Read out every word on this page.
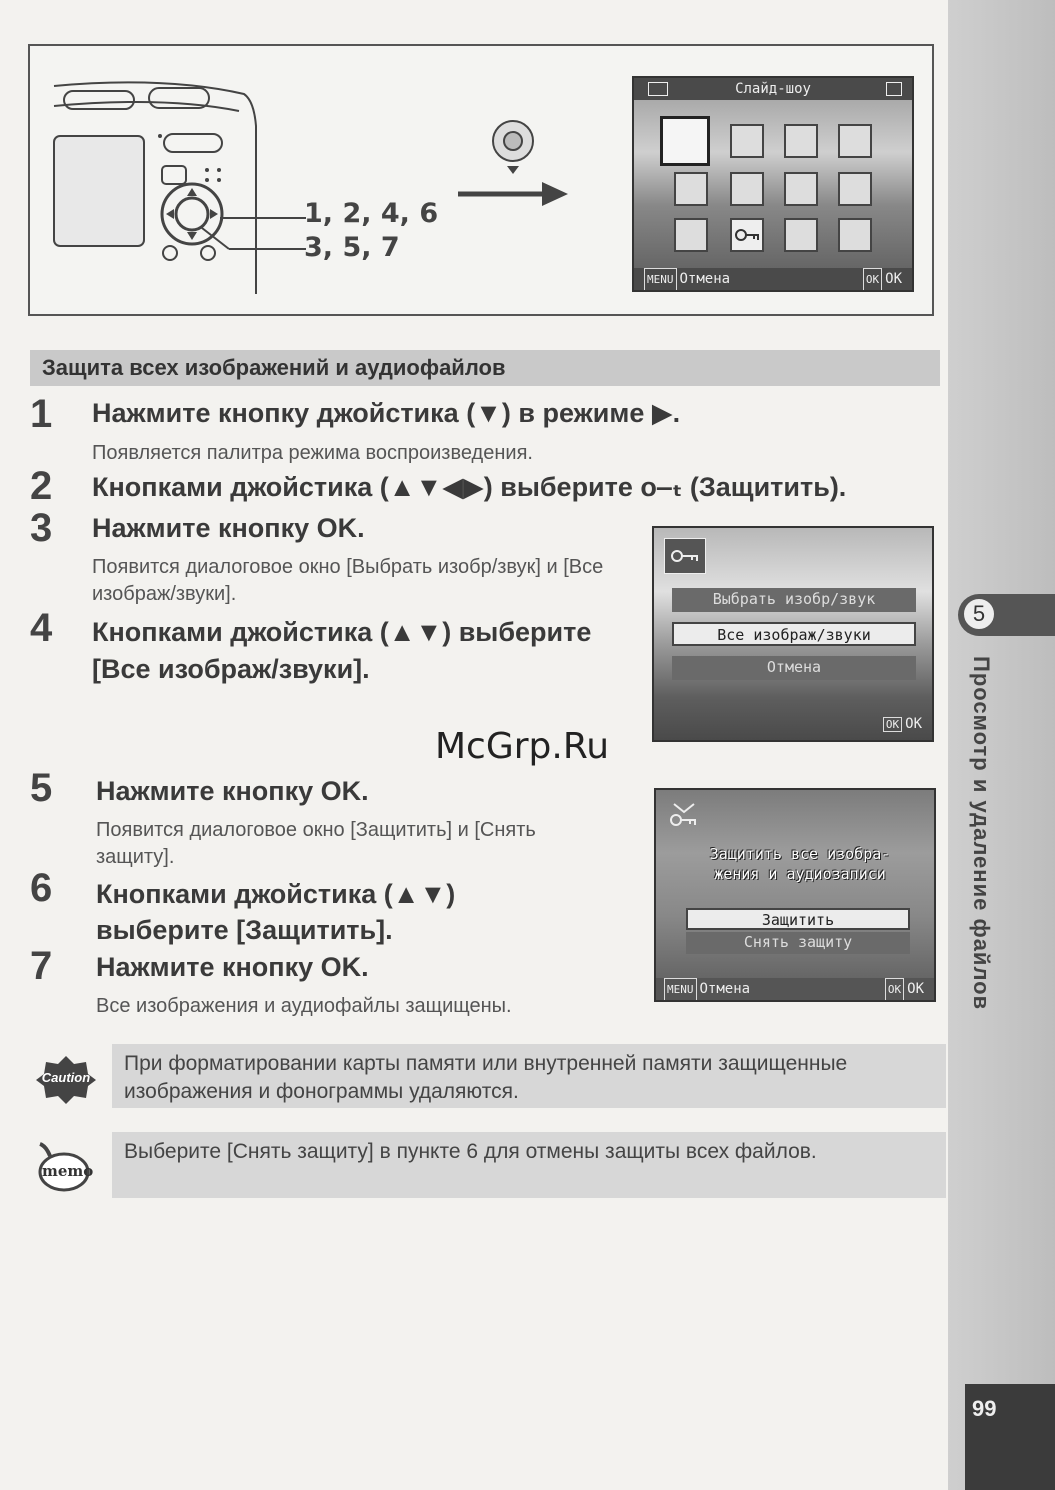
5
Просмотр и удаление файлов
99
1, 2, 4, 6
3, 5, 7
Слайд-шоу
MENU Отмена	OK OK
Защита всех изображений и аудиофайлов
1 Нажмите кнопку джойстика (▼) в режиме ▶.
Появляется палитра режима воспроизведения.
2 Кнопками джойстика (▲▼◀▶) выберите o‒ₜ (Защитить).
3 Нажмите кнопку OK.
Появится диалоговое окно [Выбрать изобр/звук] и [Все изображ/звуки].
4 Кнопками джойстика (▲▼) выберите [Все изображ/звуки].
Выбрать изобр/звук
Все изображ/звуки
Отмена
OK OK
McGrp.Ru
5 Нажмите кнопку OK.
Появится диалоговое окно [Защитить] и [Снять защиту].
6 Кнопками джойстика (▲▼) выберите [Защитить].
7 Нажмите кнопку OK.
Все изображения и аудиофайлы защищены.
Защитить все изобра-
жения и аудиозаписи
Защитить
Снять защиту
MENU Отмена	OK OK
Caution
При форматировании карты памяти или внутренней памяти защищенные изображения и фонограммы удаляются.
memo
Выберите [Снять защиту] в пункте 6 для отмены защиты всех файлов.
